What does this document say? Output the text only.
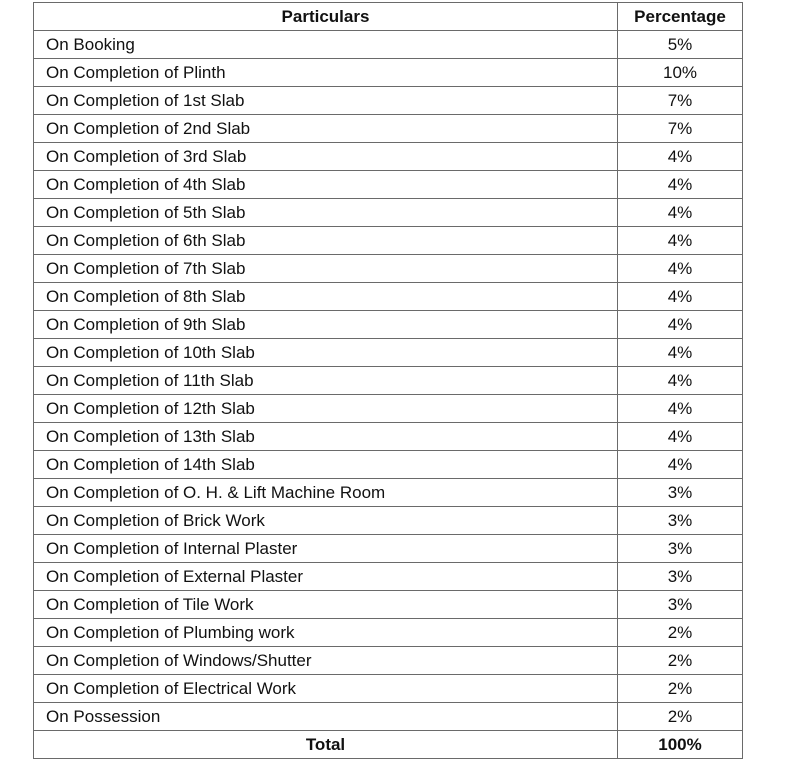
Particulars	Percentage
On Booking	5%
On Completion of Plinth	10%
On Completion of 1st Slab	7%
On Completion of 2nd Slab	7%
On Completion of 3rd Slab	4%
On Completion of 4th Slab	4%
On Completion of 5th Slab	4%
On Completion of 6th Slab	4%
On Completion of 7th Slab	4%
On Completion of 8th Slab	4%
On Completion of 9th Slab	4%
On Completion of 10th Slab	4%
On Completion of 11th Slab	4%
On Completion of 12th Slab	4%
On Completion of 13th Slab	4%
On Completion of 14th Slab	4%
On Completion of O. H. & Lift Machine Room	3%
On Completion of Brick Work	3%
On Completion of Internal Plaster	3%
On Completion of External Plaster	3%
On Completion of Tile Work	3%
On Completion of Plumbing work	2%
On Completion of Windows/Shutter	2%
On Completion of Electrical Work	2%
On Possession	2%
Total	100%
